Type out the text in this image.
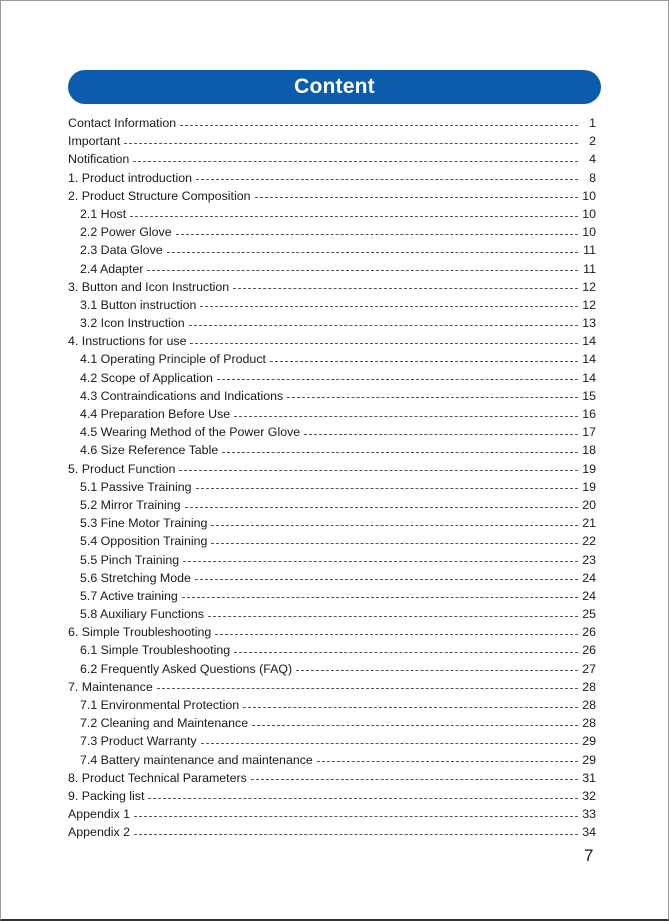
Content
Contact Information	1
Important	2
Notification	4
1. Product introduction	8
2. Product Structure Composition	10
2.1 Host	10
2.2 Power Glove	10
2.3 Data Glove	11
2.4 Adapter	11
3. Button and Icon Instruction	12
3.1 Button instruction	12
3.2 Icon Instruction	13
4. Instructions for use	14
4.1 Operating Principle of Product	14
4.2 Scope of Application	14
4.3 Contraindications and Indications	15
4.4 Preparation Before Use	16
4.5 Wearing Method of the Power Glove	17
4.6 Size Reference Table	18
5. Product Function	19
5.1 Passive Training	19
5.2 Mirror Training	20
5.3 Fine Motor Training	21
5.4 Opposition Training	22
5.5 Pinch Training	23
5.6 Stretching Mode	24
5.7 Active training	24
5.8 Auxiliary Functions	25
6. Simple Troubleshooting	26
6.1 Simple Troubleshooting	26
6.2 Frequently Asked Questions (FAQ)	27
7. Maintenance	28
7.1 Environmental Protection	28
7.2 Cleaning and Maintenance	28
7.3 Product Warranty	29
7.4 Battery maintenance and maintenance	29
8. Product Technical Parameters	31
9. Packing list	32
Appendix 1	33
Appendix 2	34
7
